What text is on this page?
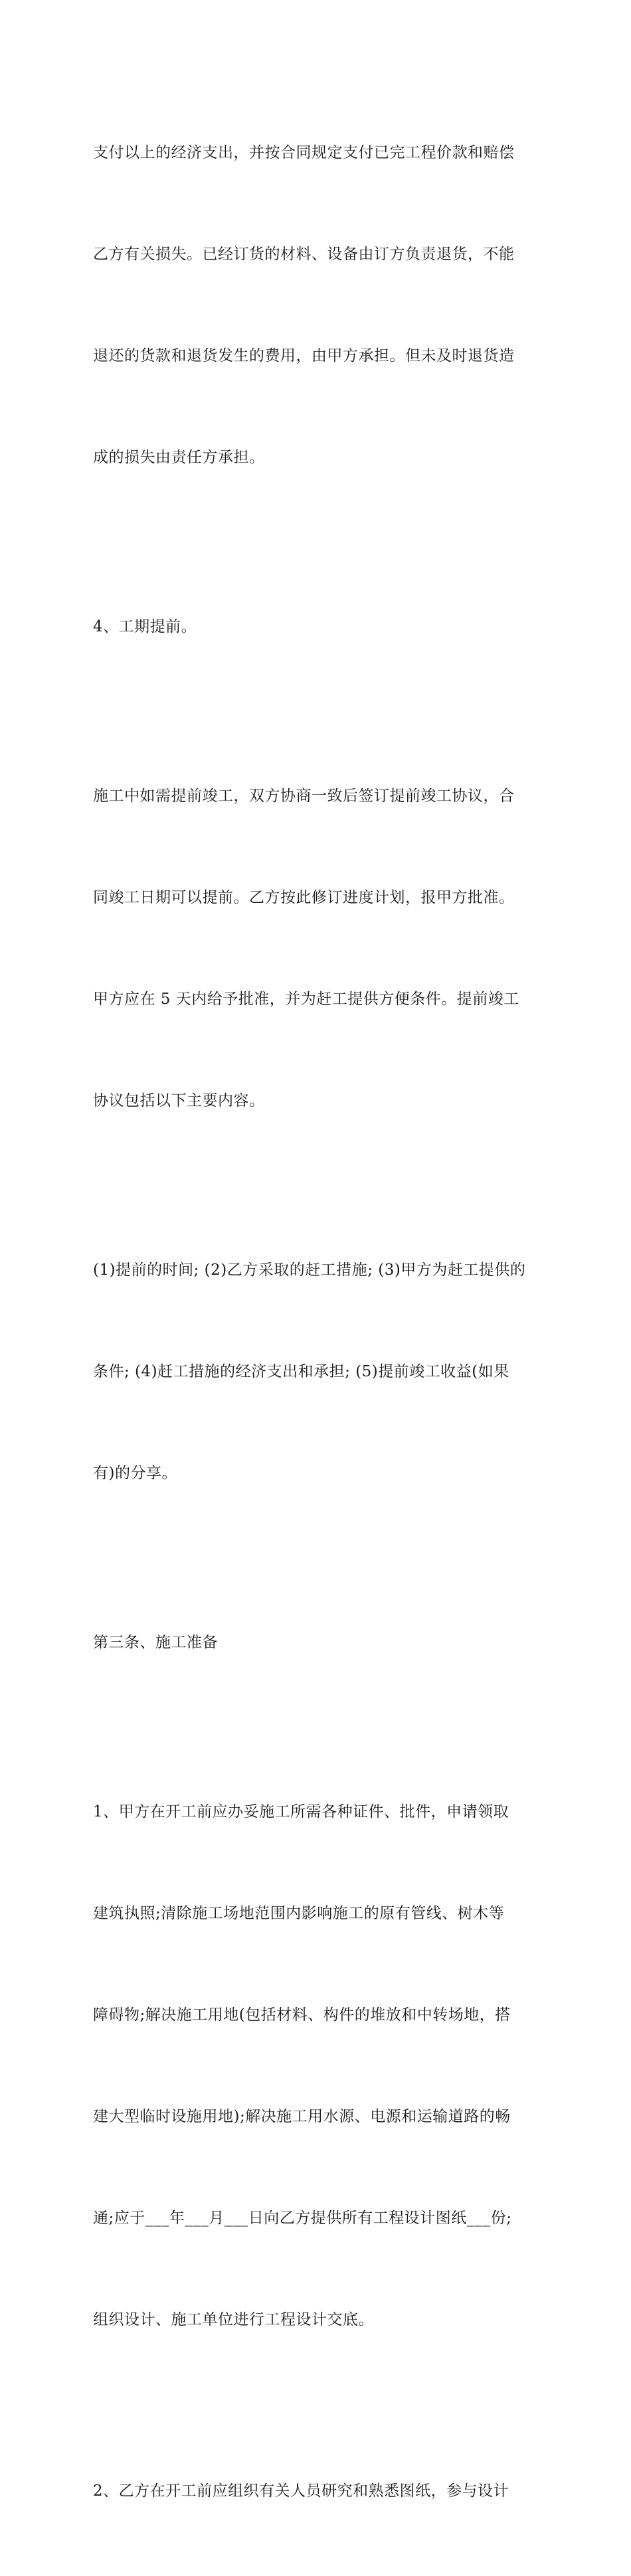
支付以上的经济支出，并按合同规定支付已完工程价款和赔偿

乙方有关损失。已经订货的材料、设备由订方负责退货，不能

退还的货款和退货发生的费用，由甲方承担。但未及时退货造

成的损失由责任方承担。

4、工期提前。

施工中如需提前竣工，双方协商一致后签订提前竣工协议，合

同竣工日期可以提前。乙方按此修订进度计划，报甲方批准。

甲方应在 5 天内给予批准，并为赶工提供方便条件。提前竣工

协议包括以下主要内容。

(1)提前的时间; (2)乙方采取的赶工措施; (3)甲方为赶工提供的

条件; (4)赶工措施的经济支出和承担; (5)提前竣工收益(如果

有)的分享。

第三条、施工准备

1、甲方在开工前应办妥施工所需各种证件、批件，申请领取

建筑执照;清除施工场地范围内影响施工的原有管线、树木等

障碍物;解决施工用地(包括材料、构件的堆放和中转场地，搭

建大型临时设施用地);解决施工用水源、电源和运输道路的畅

通;应于___年___月___日向乙方提供所有工程设计图纸___份;

组织设计、施工单位进行工程设计交底。

2、乙方在开工前应组织有关人员研究和熟悉图纸，参与设计
